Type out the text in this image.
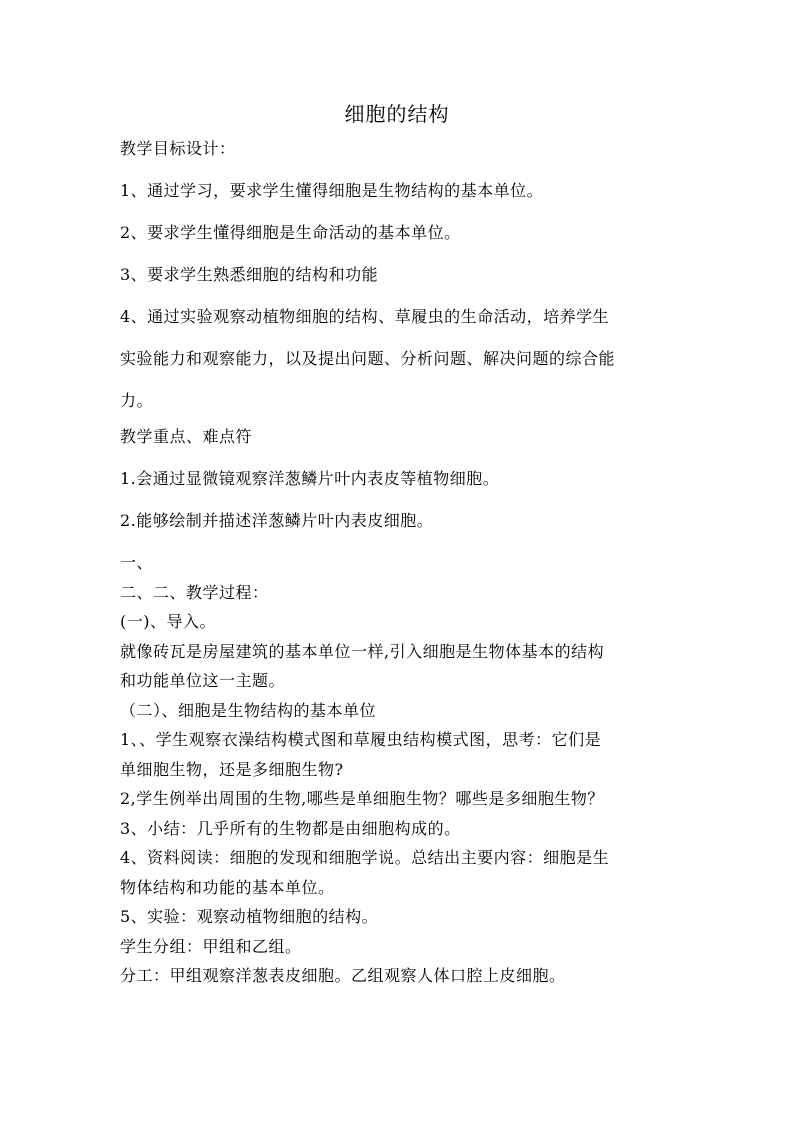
细胞的结构

教学目标设计：

1、通过学习，要求学生懂得细胞是生物结构的基本单位。

2、要求学生懂得细胞是生命活动的基本单位。

3、要求学生熟悉细胞的结构和功能

4、通过实验观察动植物细胞的结构、草履虫的生命活动，培养学生

实验能力和观察能力，以及提出问题、分析问题、解决问题的综合能

力。

教学重点、难点符

1.会通过显微镜观察洋葱鳞片叶内表皮等植物细胞。

2.能够绘制并描述洋葱鳞片叶内表皮细胞。

一、

二、二、教学过程：

(一)、导入。

就像砖瓦是房屋建筑的基本单位一样,引入细胞是生物体基本的结构

和功能单位这一主题。

（二）、细胞是生物结构的基本单位

1、、学生观察衣澡结构模式图和草履虫结构模式图，思考：它们是

单细胞生物，还是多细胞生物?

2,学生例举出周围的生物,哪些是单细胞生物？哪些是多细胞生物？

3、小结：几乎所有的生物都是由细胞构成的。

4、资料阅读：细胞的发现和细胞学说。总结出主要内容：细胞是生

物体结构和功能的基本单位。

5、实验：观察动植物细胞的结构。

学生分组：甲组和乙组。

分工：甲组观察洋葱表皮细胞。乙组观察人体口腔上皮细胞。
